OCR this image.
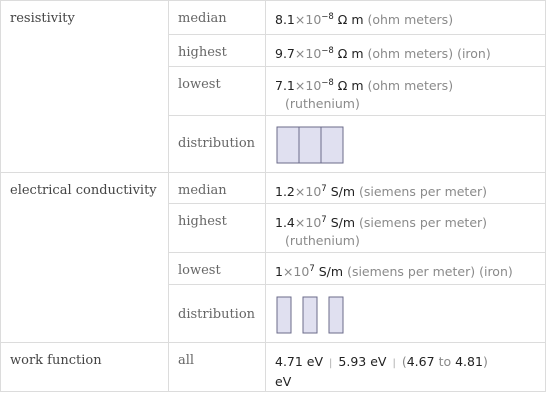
resistivity	median	$8.1\times 10^{-8}$ Ω m (ohm meters)
	highest	$9.7\times 10^{-8}$ Ω m (ohm meters) (iron)
	lowest	$7.1\times 10^{-8}$ Ω m (ohm meters)
(ruthenium)
	distribution	

electrical conductivity	median	$1.2\times 10^7$ S/m (siemens per meter)
	highest	$1.4\times 10^7$ S/m (siemens per meter)
(ruthenium)
	lowest	$1\times 10^7$ S/m (siemens per meter) (iron)
	distribution	

work function	all	4.71 eV | 5.93 eV | (4.67 to 4.81)
eV
